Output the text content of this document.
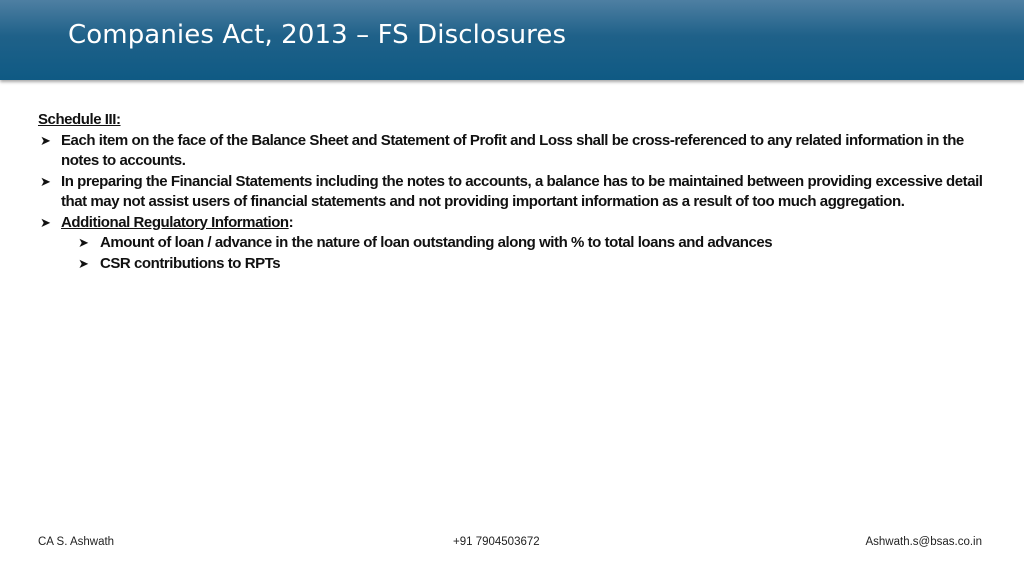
Companies Act, 2013 – FS Disclosures
Schedule III:
➤ Each item on the face of the Balance Sheet and Statement of Profit and Loss shall be cross-referenced to any related information in the notes to accounts.
➤ In preparing the Financial Statements including the notes to accounts, a balance has to be maintained between providing excessive detail that may not assist users of financial statements and not providing important information as a result of too much aggregation.
➤ Additional Regulatory Information:
➤ Amount of loan / advance in the nature of loan outstanding along with % to total loans and advances
➤ CSR contributions to RPTs
CA S. Ashwath	+91 7904503672	Ashwath.s@bsas.co.in
